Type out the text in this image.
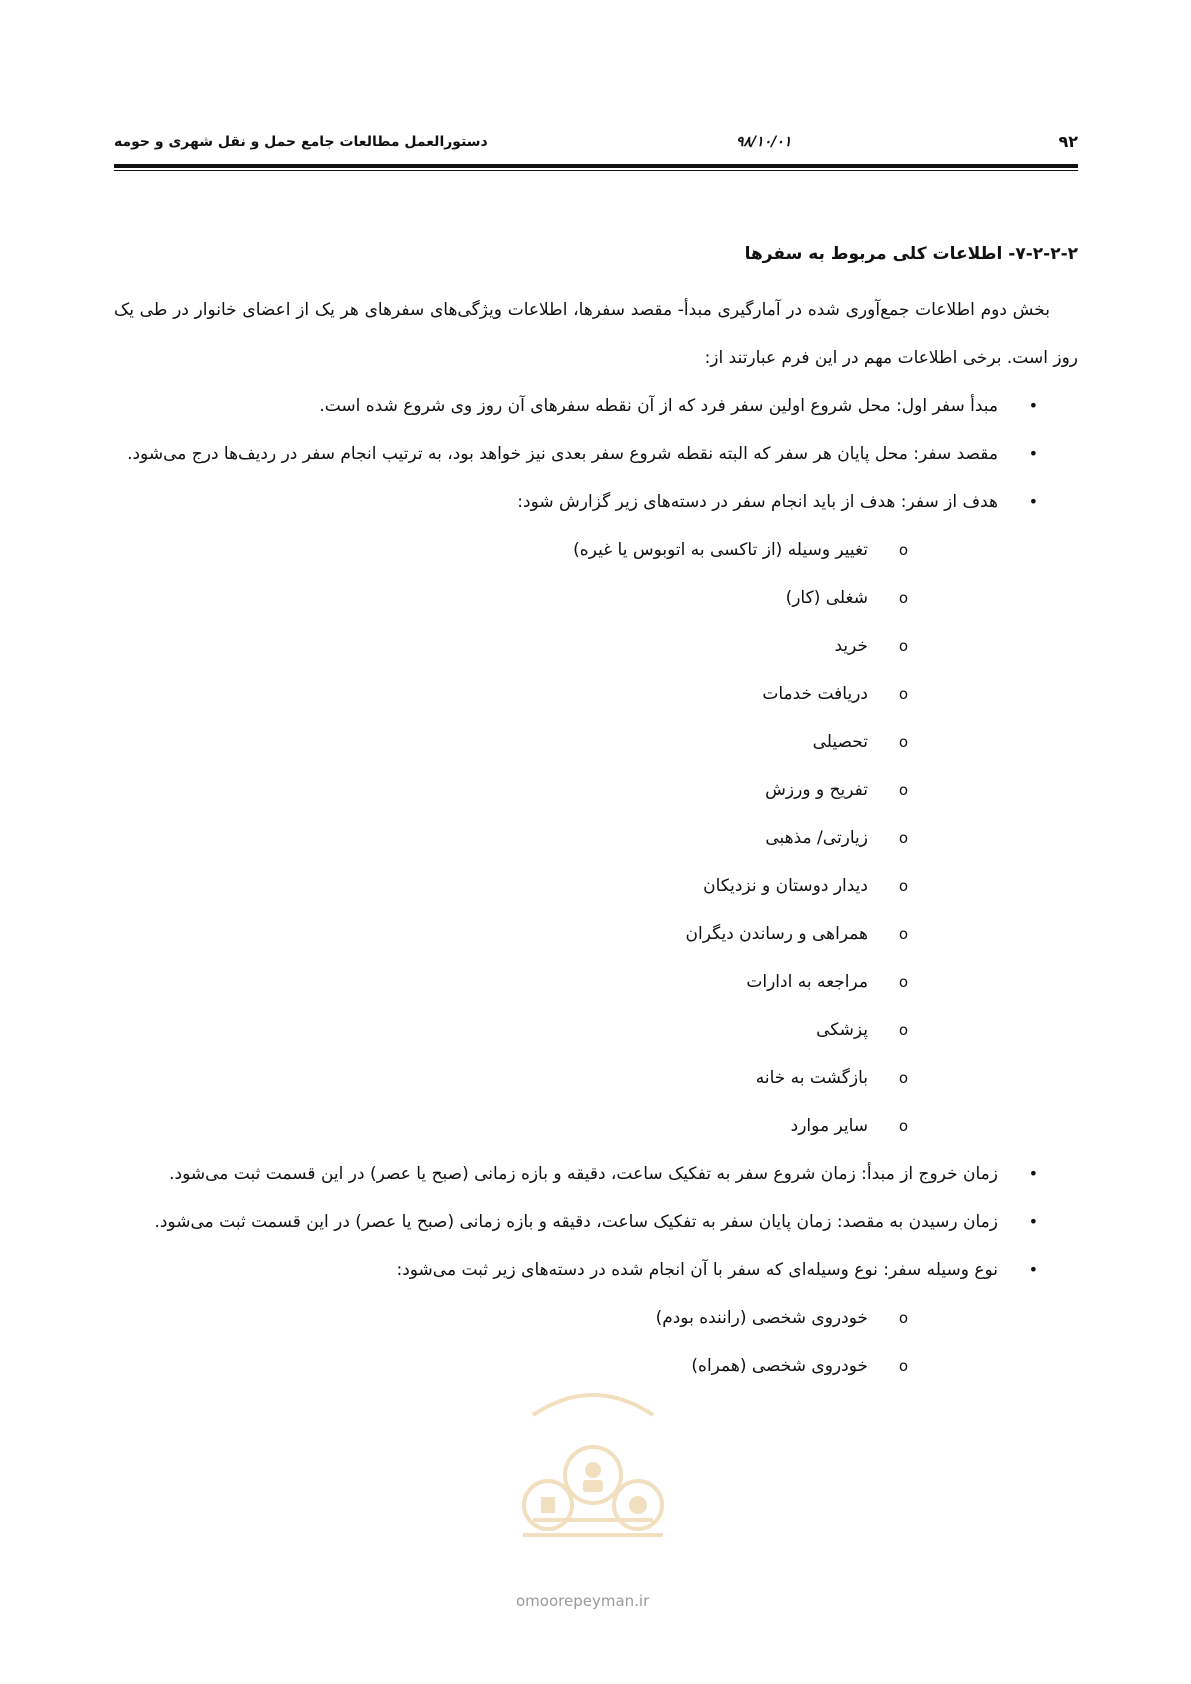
دستورالعمل مطالعات جامع حمل و نقل شهری و حومه	۹۸/۱۰/۰۱	۹۲
۷-۲-۲-۲- اطلاعات کلی مربوط به سفرها

بخش دوم اطلاعات جمع‌آوری شده در آمارگیری مبدأ- مقصد سفرها، اطلاعات ویژگی‌های سفرهای هر یک از اعضای خانوار در طی یک روز است. برخی اطلاعات مهم در این فرم عبارتند از:

•
مبدأ سفر اول: محل شروع اولین سفر فرد که از آن نقطه سفرهای آن روز وی شروع شده است.
•
مقصد سفر: محل پایان هر سفر که البته نقطه شروع سفر بعدی نیز خواهد بود، به ترتیب انجام سفر در ردیف‌ها درج می‌شود.
•
هدف از سفر: هدف از باید انجام سفر در دسته‌های زیر گزارش شود:
o
تغییر وسیله (از تاکسی به اتوبوس یا غیره)
o
شغلی (کار)
o
خرید
o
دریافت خدمات
o
تحصیلی
o
تفریح و ورزش
o
زیارتی/ مذهبی
o
دیدار دوستان و نزدیکان
o
همراهی و رساندن دیگران
o
مراجعه به ادارات
o
پزشکی
o
بازگشت به خانه
o
سایر موارد
•
زمان خروج از مبدأ: زمان شروع سفر به تفکیک ساعت، دقیقه و بازه زمانی (صبح یا عصر) در این قسمت ثبت می‌شود.
•
زمان رسیدن به مقصد: زمان پایان سفر به تفکیک ساعت، دقیقه و بازه زمانی (صبح یا عصر) در این قسمت ثبت می‌شود.
•
نوع وسیله سفر: نوع وسیله‌ای که سفر با آن انجام شده در دسته‌های زیر ثبت می‌شود:
o
خودروی شخصی (راننده بودم)
o
خودروی شخصی (همراه)
omoorepeyman.ir
